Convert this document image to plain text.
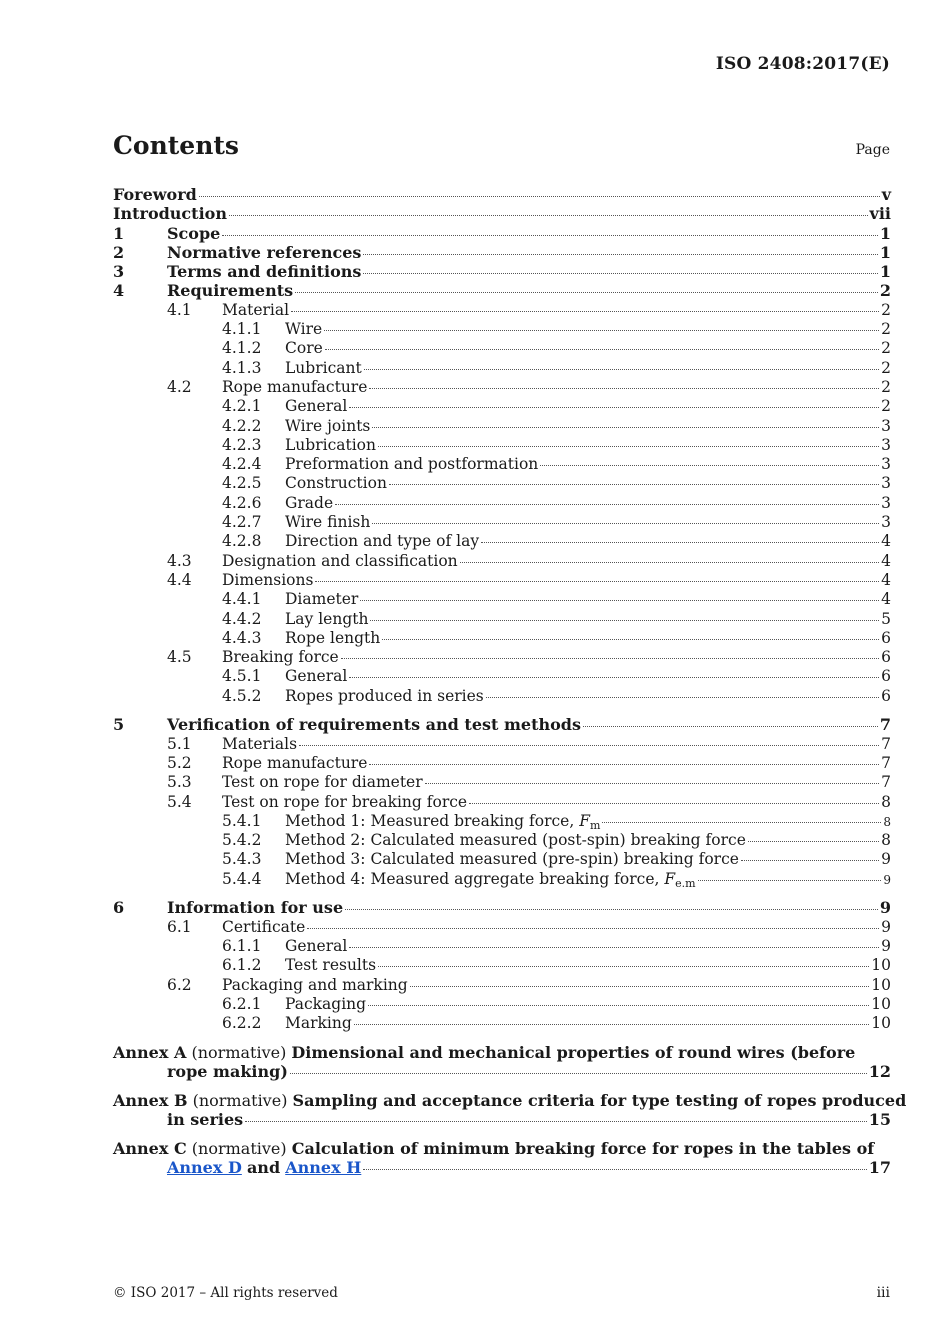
ISO 2408:2017(E)
Contents	Page
Foreword	v
Introduction	vii
1	Scope	1
2	Normative references	1
3	Terms and definitions	1
4	Requirements	2
4.1	Material	2
4.1.1	Wire	2
4.1.2	Core	2
4.1.3	Lubricant	2
4.2	Rope manufacture	2
4.2.1	General	2
4.2.2	Wire joints	3
4.2.3	Lubrication	3
4.2.4	Preformation and postformation	3
4.2.5	Construction	3
4.2.6	Grade	3
4.2.7	Wire finish	3
4.2.8	Direction and type of lay	4
4.3	Designation and classification	4
4.4	Dimensions	4
4.4.1	Diameter	4
4.4.2	Lay length	5
4.4.3	Rope length	6
4.5	Breaking force	6
4.5.1	General	6
4.5.2	Ropes produced in series	6
5	Verification of requirements and test methods	7
5.1	Materials	7
5.2	Rope manufacture	7
5.3	Test on rope for diameter	7
5.4	Test on rope for breaking force	8
5.4.1	Method 1: Measured breaking force, $F_m$	8
5.4.2	Method 2: Calculated measured (post-spin) breaking force	8
5.4.3	Method 3: Calculated measured (pre-spin) breaking force	9
5.4.4	Method 4: Measured aggregate breaking force, $F_{e.m}$	9
6	Information for use	9
6.1	Certificate	9
6.1.1	General	9
6.1.2	Test results	10
6.2	Packaging and marking	10
6.2.1	Packaging	10
6.2.2	Marking	10
Annex A (normative) Dimensional and mechanical properties of round wires (before
rope making)	12
Annex B (normative) Sampling and acceptance criteria for type testing of ropes produced
in series	15
Annex C (normative) Calculation of minimum breaking force for ropes in the tables of
Annex D
and
Annex H	17
© ISO 2017 – All rights reserved	iii
